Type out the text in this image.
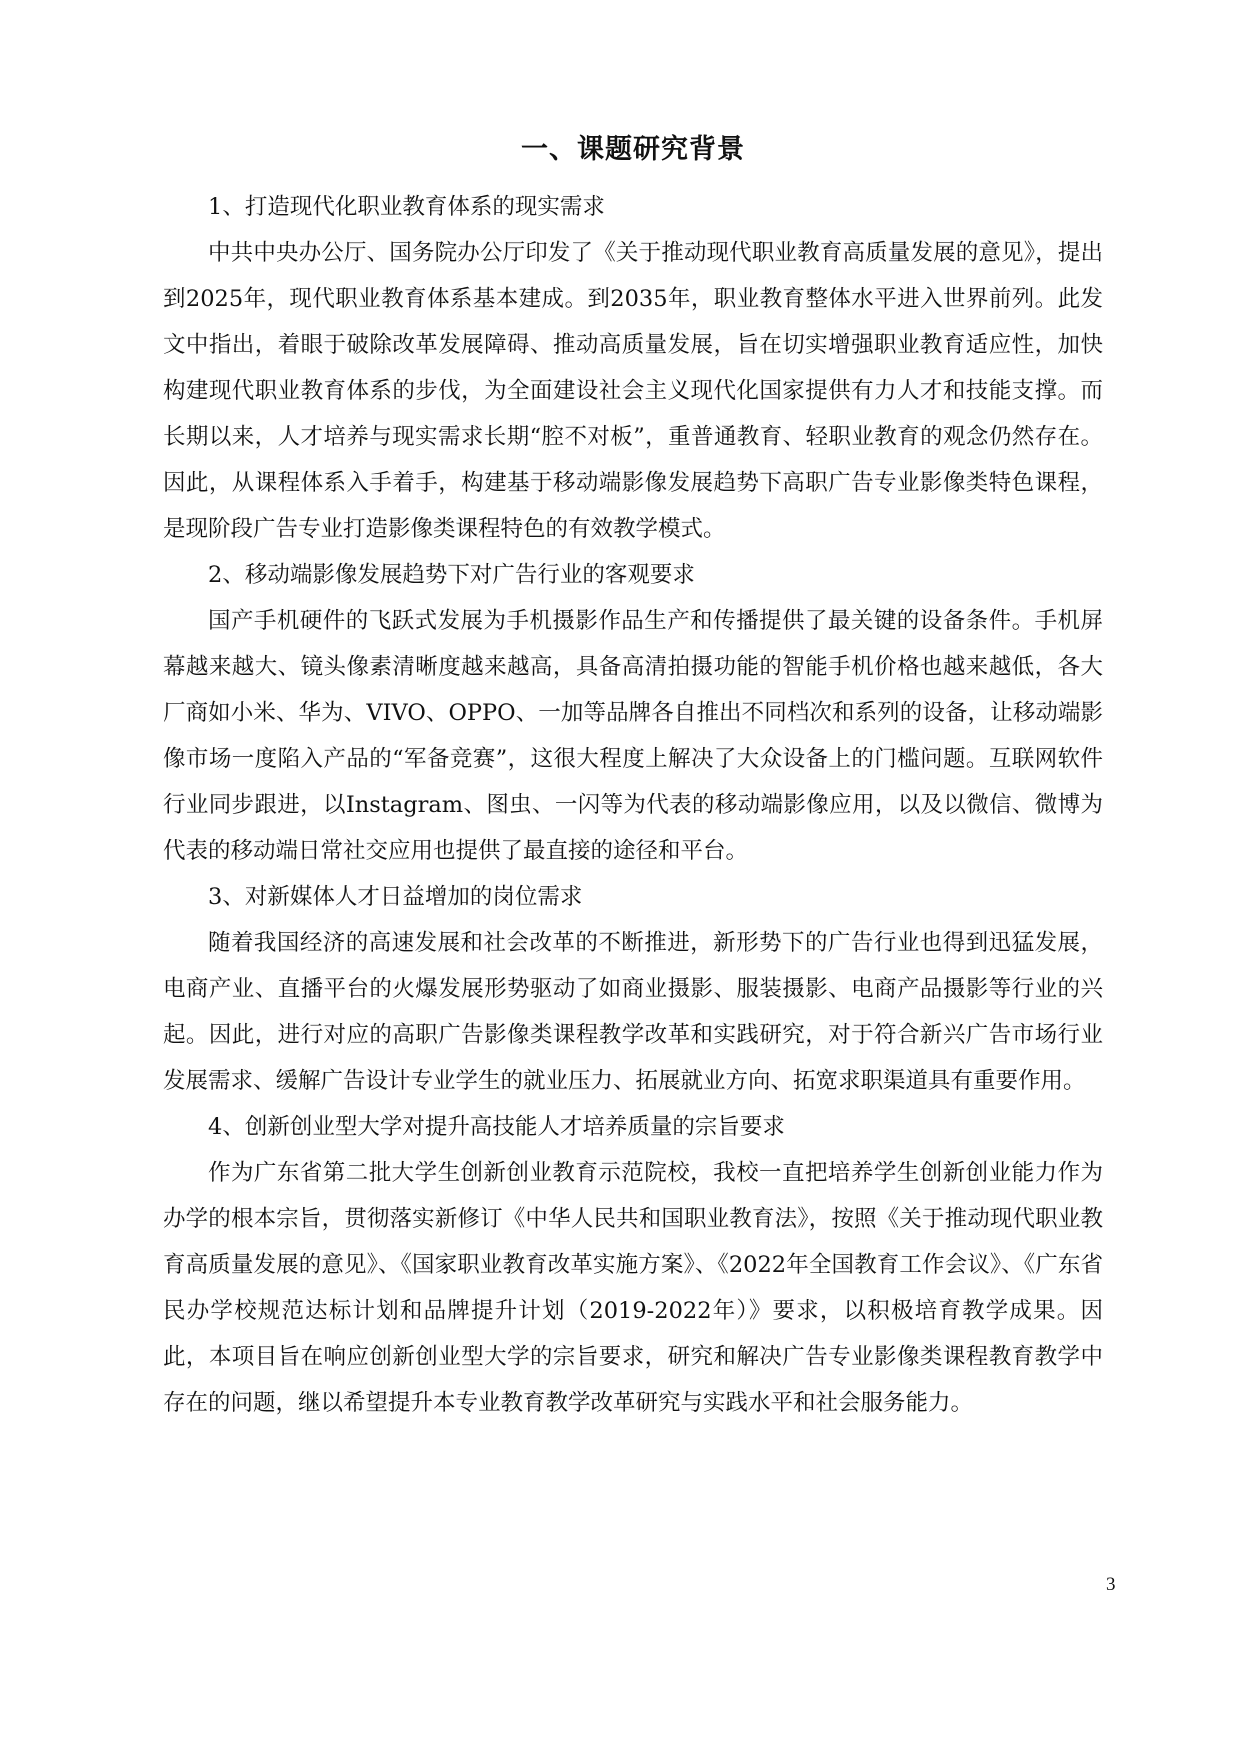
一、课题研究背景

1、打造现代化职业教育体系的现实需求

中共中央办公厅、国务院办公厅印发了《关于推动现代职业教育高质量发展的意见》，提出到2025年，现代职业教育体系基本建成。到2035年，职业教育整体水平进入世界前列。此发文中指出，着眼于破除改革发展障碍、推动高质量发展，旨在切实增强职业教育适应性，加快构建现代职业教育体系的步伐，为全面建设社会主义现代化国家提供有力人才和技能支撑。而长期以来，人才培养与现实需求长期“腔不对板”，重普通教育、轻职业教育的观念仍然存在。因此，从课程体系入手着手，构建基于移动端影像发展趋势下高职广告专业影像类特色课程，是现阶段广告专业打造影像类课程特色的有效教学模式。

2、移动端影像发展趋势下对广告行业的客观要求

国产手机硬件的飞跃式发展为手机摄影作品生产和传播提供了最关键的设备条件。手机屏幕越来越大、镜头像素清晰度越来越高，具备高清拍摄功能的智能手机价格也越来越低，各大厂商如小米、华为、VIVO、OPPO、一加等品牌各自推出不同档次和系列的设备，让移动端影像市场一度陷入产品的“军备竞赛”，这很大程度上解决了大众设备上的门槛问题。互联网软件行业同步跟进，以Instagram、图虫、一闪等为代表的移动端影像应用，以及以微信、微博为代表的移动端日常社交应用也提供了最直接的途径和平台。

3、对新媒体人才日益增加的岗位需求

随着我国经济的高速发展和社会改革的不断推进，新形势下的广告行业也得到迅猛发展，电商产业、直播平台的火爆发展形势驱动了如商业摄影、服装摄影、电商产品摄影等行业的兴起。因此，进行对应的高职广告影像类课程教学改革和实践研究，对于符合新兴广告市场行业发展需求、缓解广告设计专业学生的就业压力、拓展就业方向、拓宽求职渠道具有重要作用。

4、创新创业型大学对提升高技能人才培养质量的宗旨要求

作为广东省第二批大学生创新创业教育示范院校，我校一直把培养学生创新创业能力作为办学的根本宗旨，贯彻落实新修订《中华人民共和国职业教育法》，按照《关于推动现代职业教育高质量发展的意见》、《国家职业教育改革实施方案》、《2022年全国教育工作会议》、《广东省民办学校规范达标计划和品牌提升计划（2019-2022年）》要求，以积极培育教学成果。因此，本项目旨在响应创新创业型大学的宗旨要求，研究和解决广告专业影像类课程教育教学中存在的问题，继以希望提升本专业教育教学改革研究与实践水平和社会服务能力。

3
